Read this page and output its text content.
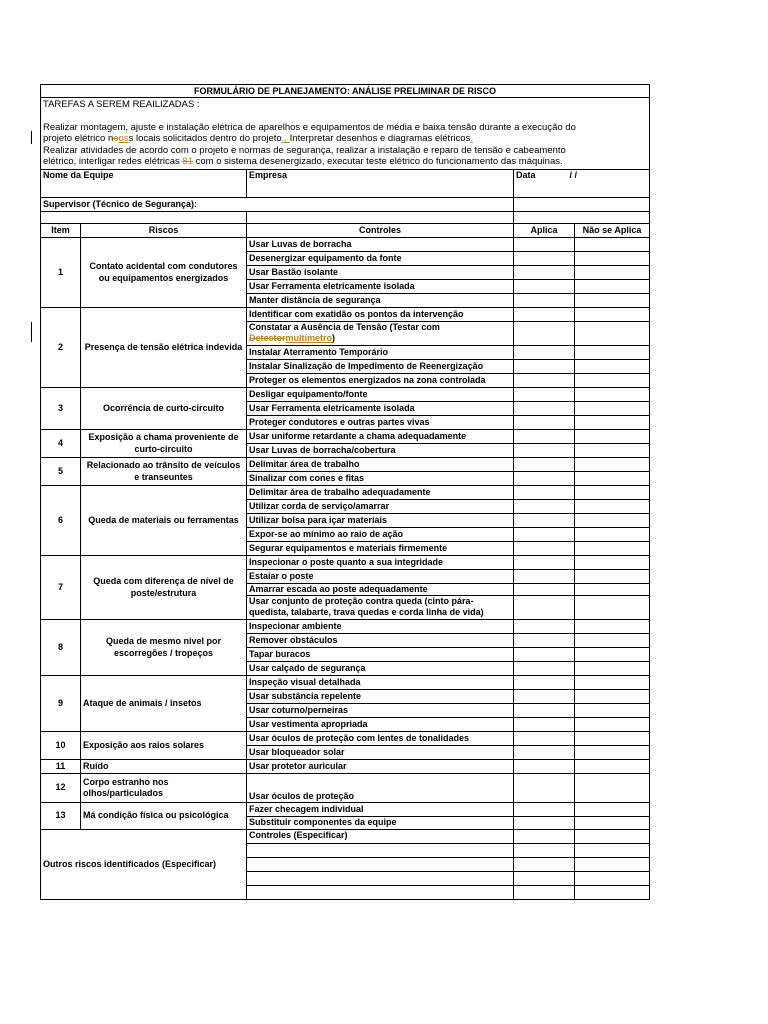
FORMULÁRIO DE PLANEJAMENTO: ANÁLISE PRELIMINAR DE RISCO				

TAREFAS A SEREM REAILIZADAS :
Realizar montagem, ajuste e instalação elétrica de aparelhos e equipamentos de média e baixa tensão durante a execução do
projeto elétrico nooss locais solicitados dentro do projeto., Interpretar desenhos e diagramas elétricos.
Realizar atividades de acordo com o projeto e normas de segurança, realizar a instalação e reparo de tensão e cabeamento
elétrico, interligar redes elétricas 81 com o sistema desenergizado, executar teste elétrico do funcionamento das máquinas.				

Nome da Equipe		Empresa	Data / /	
Supervisor (Técnico de Segurança):				

Item	Riscos	Controles	Aplica	Não se Aplica
1	Contato acidental com condutores ou equipamentos energizados	Usar Luvas de borracha		
		Desenergizar equipamento da fonte		
		Usar Bastão isolante		
		Usar Ferramenta eletricamente isolada		
		Manter distância de segurança		
2	Presença de tensão elétrica indevida	Identificar com exatidão os pontos da intervenção		

		Constatar a Ausência de Tensão (Testar com
Detectormultímetro)		

		Instalar Aterramento Temporário		
		Instalar Sinalização de Impedimento de Reenergização		
		Proteger os elementos energizados na zona controlada		
3	Ocorrência de curto-circuito	Desligar equipamento/fonte		
		Usar Ferramenta eletricamente isolada		
		Proteger condutores e outras partes vivas		
4	Exposição a chama proveniente de curto-circuito	Usar uniforme retardante a chama adequadamente		
		Usar Luvas de borracha/cobertura		
5	Relacionado ao trânsito de veículos e transeuntes	Delimitar área de trabalho		
		Sinalizar com cones e fitas		
6	Queda de materiais ou ferramentas	Delimitar área de trabalho adequadamente		
		Utilizar corda de serviço/amarrar		
		Utilizar bolsa para içar materiais		
		Expor-se ao mínimo ao raio de ação		
		Segurar equipamentos e materiais firmemente		
7	Queda com diferença de nível de poste/estrutura	Inspecionar o poste quanto a sua integridade		
		Estaiar o poste		
		Amarrar escada ao poste adequadamente		

		Usar conjunto de proteção contra queda (cinto pára-
quedista, talabarte, trava quedas e corda linha de vida)		

8	Queda de mesmo nível por escorregões / tropeços	Inspecionar ambiente		
		Remover obstáculos		
		Tapar buracos		
		Usar calçado de segurança		
9	Ataque de animais / insetos	Inspeção visual detalhada		
		Usar substância repelente		
		Usar coturno/perneiras		
		Usar vestimenta apropriada		
10	Exposição aos raios solares	Usar óculos de proteção com lentes de tonalidades		
		Usar bloqueador solar		
11	Ruído	Usar protetor auricular		
12	Corpo estranho nos olhos/particulados	Usar óculos de proteção		
13	Má condição física ou psicológica	Fazer checagem individual		
		Substituir componentes da equipe		
Outros riscos identificados (Especificar)		Controles (Especificar)		
